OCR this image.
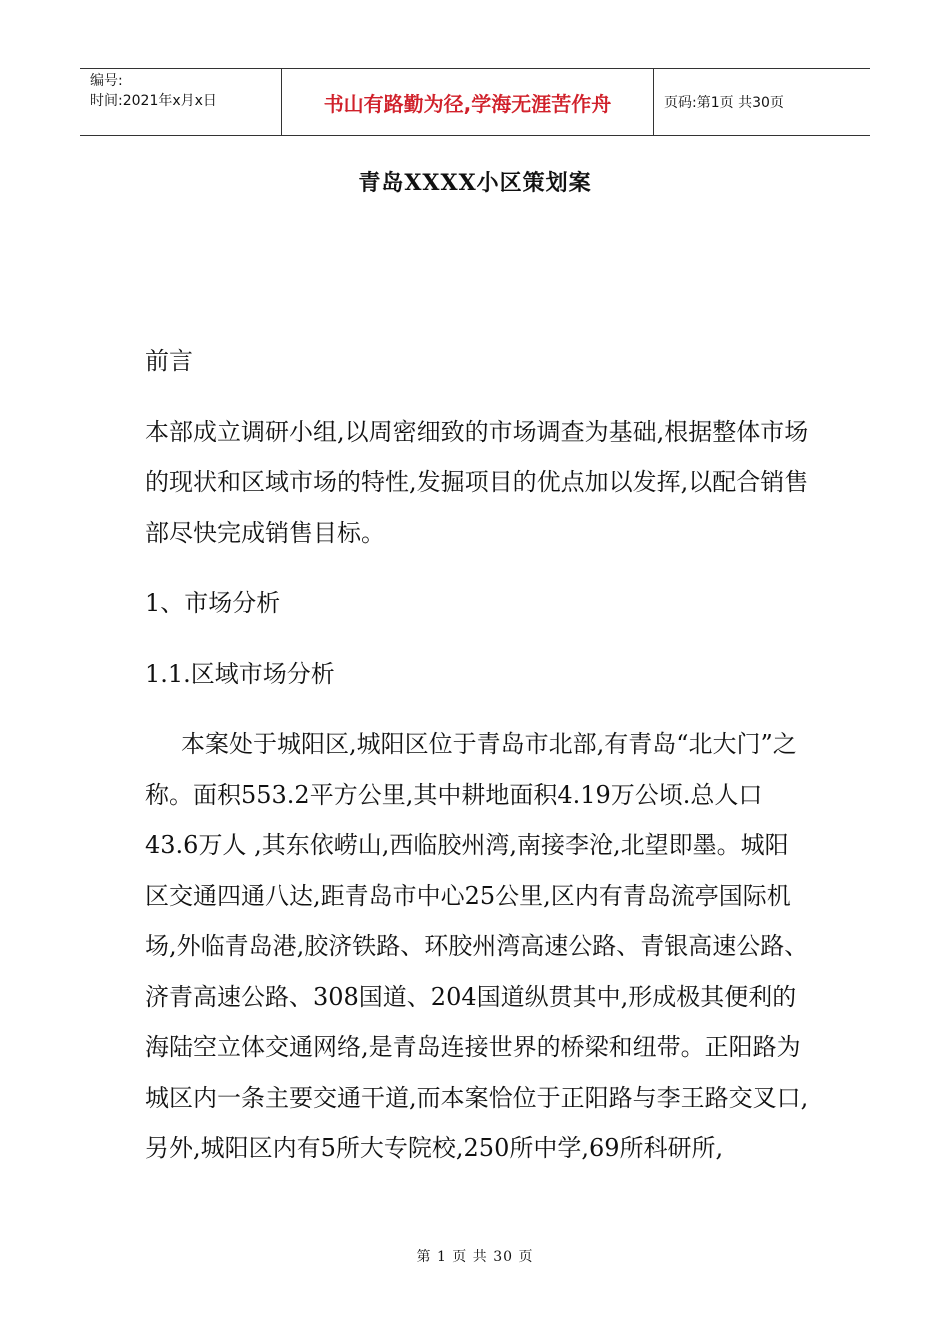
编号:
时间:2021年x月x日	书山有路勤为径,学海无涯苦作舟	页码:第1页 共30页
青岛XXXX小区策划案

前言

本部成立调研小组,以周密细致的市场调查为基础,根据整体市场的现状和区域市场的特性,发掘项目的优点加以发挥,以配合销售部尽快完成销售目标。

1、市场分析

1.1.区域市场分析

本案处于城阳区,城阳区位于青岛市北部,有青岛“北大门”之称。面积553.2平方公里,其中耕地面积4.19万公顷.总人口43.6万人 ,其东依崂山,西临胶州湾,南接李沧,北望即墨。城阳区交通四通八达,距青岛市中心25公里,区内有青岛流亭国际机场,外临青岛港,胶济铁路、环胶州湾高速公路、青银高速公路、济青高速公路、308国道、204国道纵贯其中,形成极其便利的海陆空立体交通网络,是青岛连接世界的桥梁和纽带。正阳路为城区内一条主要交通干道,而本案恰位于正阳路与李王路交叉口, 另外,城阳区内有5所大专院校,250所中学,69所科研所,

第 1 页 共 30 页
